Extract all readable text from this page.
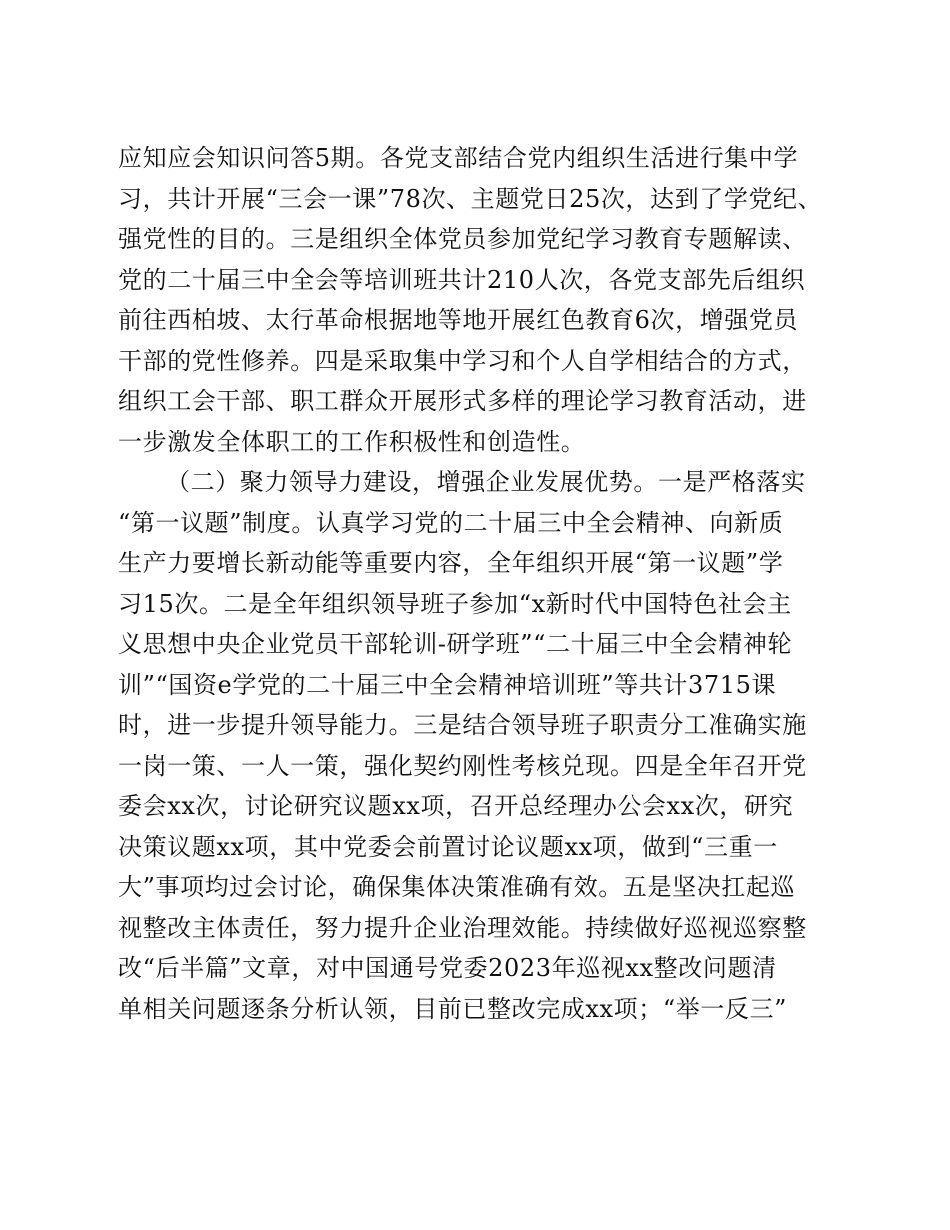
应知应会知识问答5期。各党支部结合党内组织生活进行集中学
习，共计开展“三会一课”78次、主题党日25次，达到了学党纪、
强党性的目的。三是组织全体党员参加党纪学习教育专题解读、
党的二十届三中全会等培训班共计210人次，各党支部先后组织
前往西柏坡、太行革命根据地等地开展红色教育6次，增强党员
干部的党性修养。四是采取集中学习和个人自学相结合的方式，
组织工会干部、职工群众开展形式多样的理论学习教育活动，进
一步激发全体职工的工作积极性和创造性。
（二）聚力领导力建设，增强企业发展优势。一是严格落实
“第一议题”制度。认真学习党的二十届三中全会精神、向新质
生产力要增长新动能等重要内容，全年组织开展“第一议题”学
习15次。二是全年组织领导班子参加“x新时代中国特色社会主
义思想中央企业党员干部轮训-研学班”“二十届三中全会精神轮
训”“国资e学党的二十届三中全会精神培训班”等共计3715课
时，进一步提升领导能力。三是结合领导班子职责分工准确实施
一岗一策、一人一策，强化契约刚性考核兑现。四是全年召开党
委会xx次，讨论研究议题xx项，召开总经理办公会xx次，研究
决策议题xx项，其中党委会前置讨论议题xx项，做到“三重一
大”事项均过会讨论，确保集体决策准确有效。五是坚决扛起巡
视整改主体责任，努力提升企业治理效能。持续做好巡视巡察整
改“后半篇”文章，对中国通号党委2023年巡视xx整改问题清
单相关问题逐条分析认领，目前已整改完成xx项；“举一反三”
